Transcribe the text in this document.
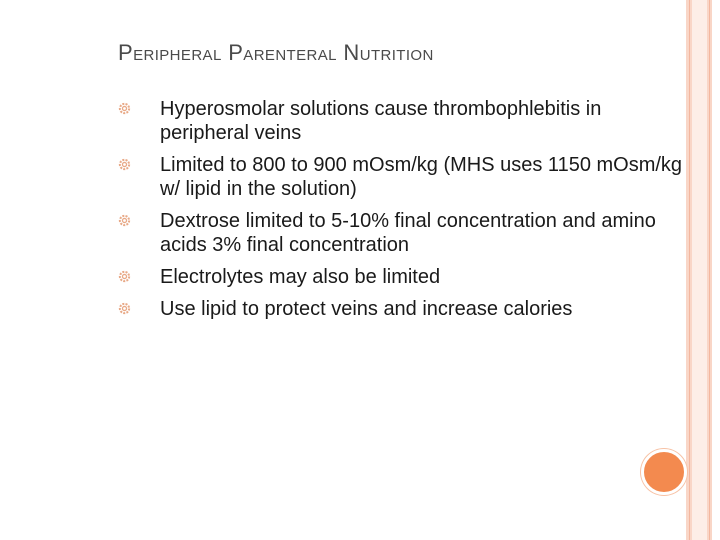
Peripheral Parenteral Nutrition
Hyperosmolar solutions cause thrombophlebitis in peripheral veins
Limited to 800 to 900 mOsm/kg (MHS uses 1150 mOsm/kg w/ lipid in the solution)
Dextrose limited to 5-10% final concentration and amino acids 3% final concentration
Electrolytes may also be limited
Use lipid to protect veins and increase calories
